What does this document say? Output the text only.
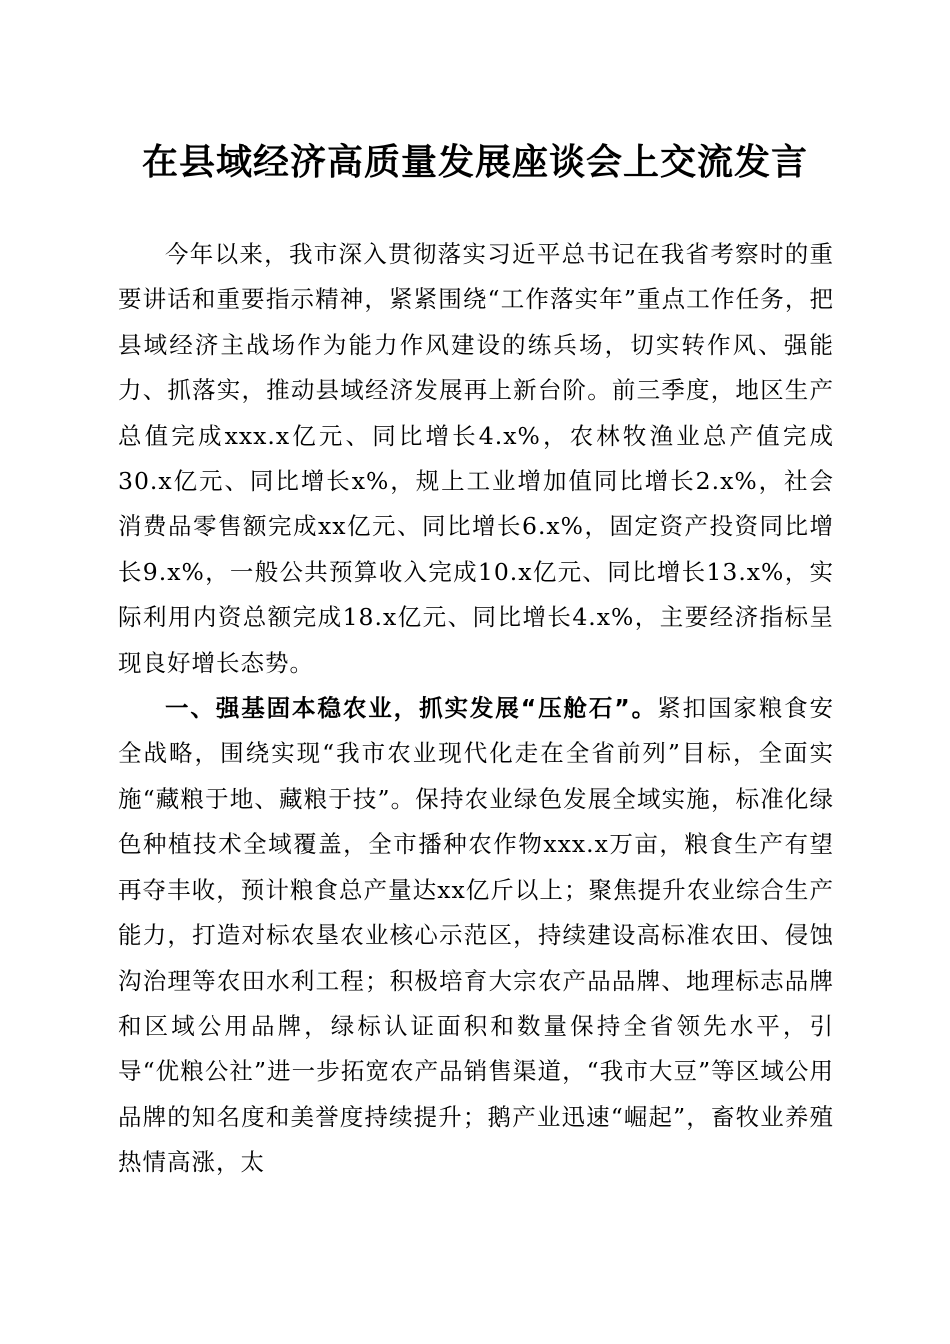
在县域经济高质量发展座谈会上交流发言

今年以来，我市深入贯彻落实习近平总书记在我省考察时的重要讲话和重要指示精神，紧紧围绕“工作落实年”重点工作任务，把县域经济主战场作为能力作风建设的练兵场，切实转作风、强能力、抓落实，推动县域经济发展再上新台阶。前三季度，地区生产总值完成xxx.x亿元、同比增长4.x%，农林牧渔业总产值完成30.x亿元、同比增长x%，规上工业增加值同比增长2.x%，社会消费品零售额完成xx亿元、同比增长6.x%，固定资产投资同比增长9.x%，一般公共预算收入完成10.x亿元、同比增长13.x%，实际利用内资总额完成18.x亿元、同比增长4.x%，主要经济指标呈现良好增长态势。

一、强基固本稳农业，抓实发展“压舱石”。紧扣国家粮食安全战略，围绕实现“我市农业现代化走在全省前列”目标，全面实施“藏粮于地、藏粮于技”。保持农业绿色发展全域实施，标准化绿色种植技术全域覆盖，全市播种农作物xxx.x万亩，粮食生产有望再夺丰收，预计粮食总产量达xx亿斤以上；聚焦提升农业综合生产能力，打造对标农垦农业核心示范区，持续建设高标准农田、侵蚀沟治理等农田水利工程；积极培育大宗农产品品牌、地理标志品牌和区域公用品牌，绿标认证面积和数量保持全省领先水平，引导“优粮公社”进一步拓宽农产品销售渠道，“我市大豆”等区域公用品牌的知名度和美誉度持续提升；鹅产业迅速“崛起”，畜牧业养殖热情高涨，太
